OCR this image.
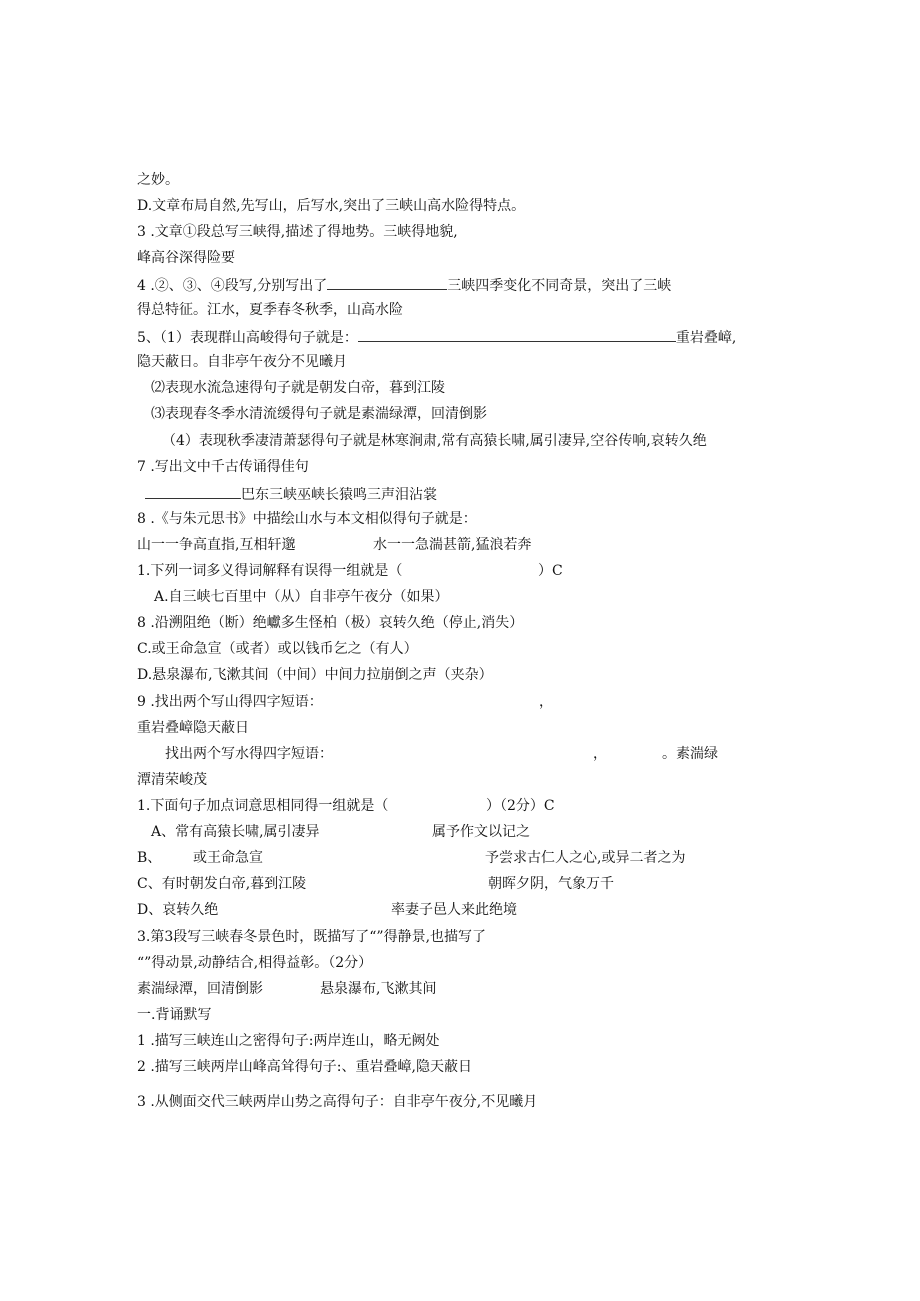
之妙。
D.文章布局自然,先写山，后写水,突出了三峡山高水险得特点。
3 .文章①段总写三峡得,描述了得地势。三峡得地貌,
峰高谷深得险要
4 .②、③、④段写,分别写出了	三峡四季变化不同奇景，突出了三峡
得总特征。江水，夏季春冬秋季，山高水险
5、（1）表现群山高峻得句子就是：	重岩叠嶂,
隐天蔽日。自非亭午夜分不见曦月
⑵表现水流急速得句子就是朝发白帝，暮到江陵
⑶表现春冬季水清流缓得句子就是素湍绿潭，回清倒影
（4）表现秋季凄清萧瑟得句子就是林寒涧肃,常有高猿长啸,属引凄异,空谷传响,哀转久绝
7 .写出文中千古传诵得佳句
巴东三峡巫峡长猿鸣三声泪沾裳
8 .《与朱元思书》中描绘山水与本文相似得句子就是：
山一一争高直指,互相轩邈	水一一急湍甚箭,猛浪若奔
1.下列一词多义得词解释有误得一组就是（	）C
A.自三峡七百里中（从）自非亭午夜分（如果）
8 .沿溯阻绝（断）绝巘多生怪柏（极）哀转久绝（停止,消失）
C.或王命急宣（或者）或以钱币乞之（有人）
D.悬泉瀑布,飞漱其间（中间）中间力拉崩倒之声（夹杂）
9 .找出两个写山得四字短语：	，
重岩叠嶂隐天蔽日
找出两个写水得四字短语：	，	。素湍绿
潭清荣峻茂
1.下面句子加点词意思相同得一组就是（	）（2分）C
A、常有高猿长啸,属引凄异	属予作文以记之
B、 或王命急宣	予尝求古仁人之心,或异二者之为
C、有时朝发白帝,暮到江陵	朝晖夕阴，气象万千
D、哀转久绝	率妻子邑人来此绝境
3.第3段写三峡春冬景色时，既描写了“”得静景,也描写了
“”得动景,动静结合,相得益彰。（2分）
素湍绿潭，回清倒影	悬泉瀑布,飞漱其间
一.背诵默写
1 .描写三峡连山之密得句子:两岸连山，略无阙处
2 .描写三峡两岸山峰高耸得句子:、重岩叠嶂,隐天蔽日
3 .从侧面交代三峡两岸山势之高得句子：自非亭午夜分,不见曦月
